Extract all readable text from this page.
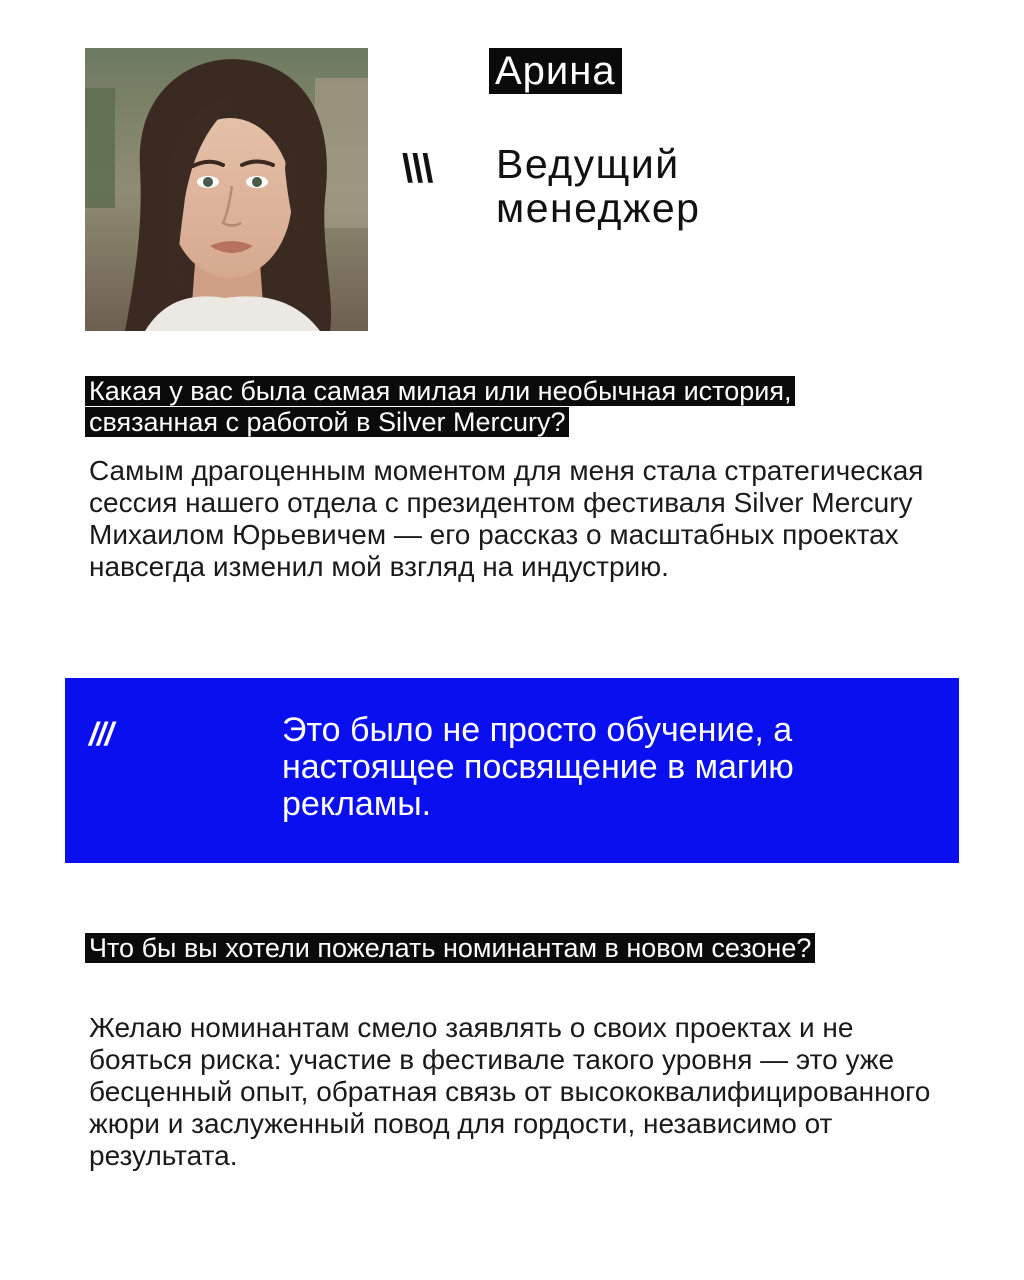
Арина
\\\ Ведущий менеджер

Какая у вас была самая милая или необычная история, связанная с работой в Silver Mercury?

Самым драгоценным моментом для меня стала стратегическая сессия нашего отдела с президентом фестиваля Silver Mercury Михаилом Юрьевичем — его рассказ о масштабных проектах навсегда изменил мой взгляд на индустрию.

///	Это было не просто обучение, а настоящее посвящение в магию рекламы.

Что бы вы хотели пожелать номинантам в новом сезоне?

Желаю номинантам смело заявлять о своих проектах и не бояться риска: участие в фестивале такого уровня — это уже бесценный опыт, обратная связь от высококвалифицированного жюри и заслуженный повод для гордости, независимо от результата.
